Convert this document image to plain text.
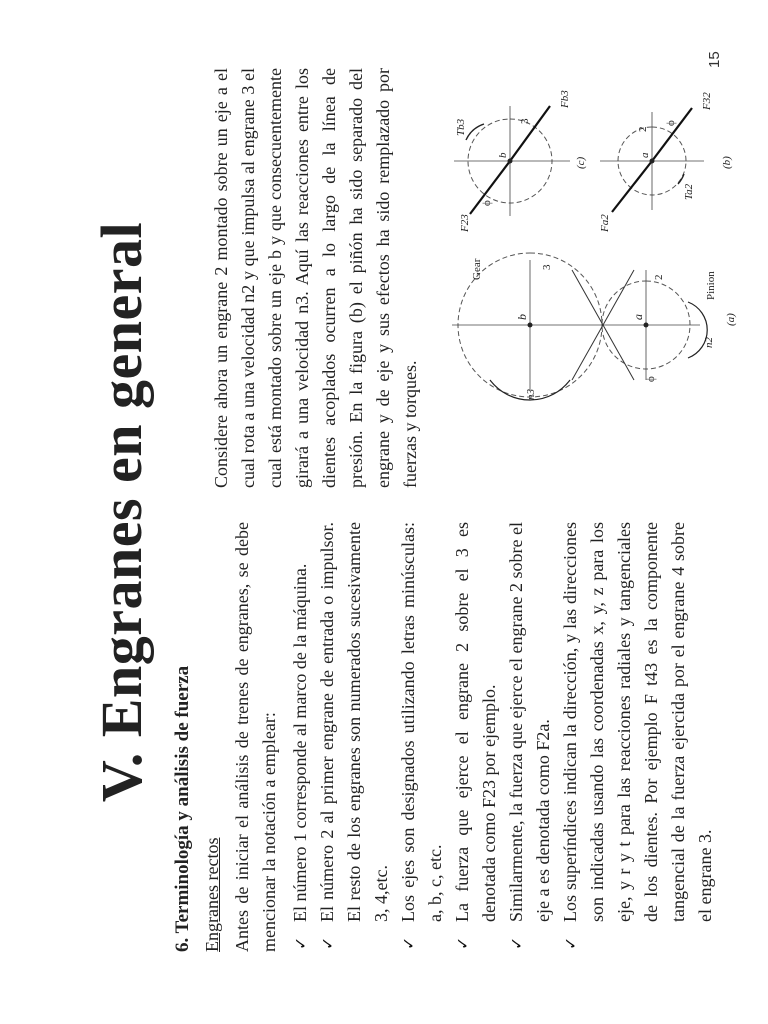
V. Engranes en general
6. Terminología y análisis de fuerza Engranes rectos Antes de iniciar el análisis de trenes de engranes, se debe mencionar la notación a emplear: ✓
El número 1 corresponde al marco de la máquina.
✓
El número 2 al primer engrane de entrada o impulsor. El resto de los engranes son numerados sucesivamente 3, 4,etc.
✓
Los ejes son designados utilizando letras minúsculas: a, b, c, etc.
✓
La fuerza que ejerce el engrane 2 sobre el 3 es denotada como F23 por ejemplo.
✓
Similarmente, la fuerza que ejerce el engrane 2 sobre el eje a es denotada como F2a.
✓
Los superíndices indican la dirección, y las direcciones son indicadas usando las coordenadas x, y, z para los eje, y r y t para las reacciones radiales y tangenciales de los dientes. Por ejemplo F t43 es la componente tangencial de la fuerza ejercida por el engrane 4 sobre el engrane 3.

Considere ahora un engrane 2 montado sobre un eje a el cual rota a una velocidad n2 y que impulsa al engrane 3 el cual está montado sobre un eje b y que consecuentemente girará a una velocidad n3. Aquí las reacciones entre los dientes acoplados ocurren a lo largo de la línea de presión. En la figura (b) el piñón ha sido separado del engrane y de eje y sus efectos ha sido remplazado por fuerzas y torques.

Gear	3
b	a
n3
n2
2
ϕ
Pinion
(a)
b
Tb3
Fb3
F23
ϕ
3
(c)
a
Ta2
Fa2
F32
ϕ
2
(b)
15
